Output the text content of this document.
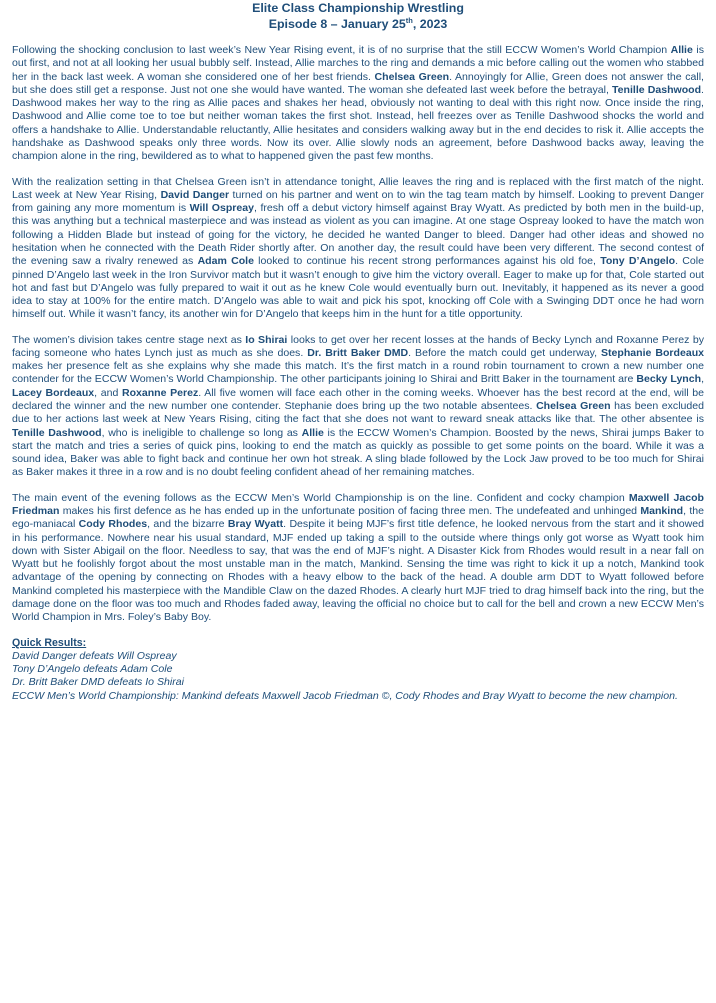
Elite Class Championship Wrestling
Episode 8 – January 25th, 2023

Following the shocking conclusion to last week’s New Year Rising event, it is of no surprise that the still ECCW Women’s World Champion Allie is out first, and not at all looking her usual bubbly self. Instead, Allie marches to the ring and demands a mic before calling out the women who stabbed her in the back last week. A woman she considered one of her best friends. Chelsea Green. Annoyingly for Allie, Green does not answer the call, but she does still get a response. Just not one she would have wanted. The woman she defeated last week before the betrayal, Tenille Dashwood. Dashwood makes her way to the ring as Allie paces and shakes her head, obviously not wanting to deal with this right now. Once inside the ring, Dashwood and Allie come toe to toe but neither woman takes the first shot. Instead, hell freezes over as Tenille Dashwood shocks the world and offers a handshake to Allie. Understandable reluctantly, Allie hesitates and considers walking away but in the end decides to risk it. Allie accepts the handshake as Dashwood speaks only three words. Now its over. Allie slowly nods an agreement, before Dashwood backs away, leaving the champion alone in the ring, bewildered as to what to happened given the past few months.

With the realization setting in that Chelsea Green isn’t in attendance tonight, Allie leaves the ring and is replaced with the first match of the night. Last week at New Year Rising, David Danger turned on his partner and went on to win the tag team match by himself. Looking to prevent Danger from gaining any more momentum is Will Ospreay, fresh off a debut victory himself against Bray Wyatt. As predicted by both men in the build-up, this was anything but a technical masterpiece and was instead as violent as you can imagine. At one stage Ospreay looked to have the match won following a Hidden Blade but instead of going for the victory, he decided he wanted Danger to bleed. Danger had other ideas and showed no hesitation when he connected with the Death Rider shortly after. On another day, the result could have been very different. The second contest of the evening saw a rivalry renewed as Adam Cole looked to continue his recent strong performances against his old foe, Tony D’Angelo. Cole pinned D’Angelo last week in the Iron Survivor match but it wasn’t enough to give him the victory overall. Eager to make up for that, Cole started out hot and fast but D’Angelo was fully prepared to wait it out as he knew Cole would eventually burn out. Inevitably, it happened as its never a good idea to stay at 100% for the entire match. D’Angelo was able to wait and pick his spot, knocking off Cole with a Swinging DDT once he had worn himself out. While it wasn’t fancy, its another win for D’Angelo that keeps him in the hunt for a title opportunity.

The women’s division takes centre stage next as Io Shirai looks to get over her recent losses at the hands of Becky Lynch and Roxanne Perez by facing someone who hates Lynch just as much as she does. Dr. Britt Baker DMD. Before the match could get underway, Stephanie Bordeaux makes her presence felt as she explains why she made this match. It’s the first match in a round robin tournament to crown a new number one contender for the ECCW Women’s World Championship. The other participants joining Io Shirai and Britt Baker in the tournament are Becky Lynch, Lacey Bordeaux, and Roxanne Perez. All five women will face each other in the coming weeks. Whoever has the best record at the end, will be declared the winner and the new number one contender. Stephanie does bring up the two notable absentees. Chelsea Green has been excluded due to her actions last week at New Years Rising, citing the fact that she does not want to reward sneak attacks like that. The other absentee is Tenille Dashwood, who is ineligible to challenge so long as Allie is the ECCW Women’s Champion. Boosted by the news, Shirai jumps Baker to start the match and tries a series of quick pins, looking to end the match as quickly as possible to get some points on the board. While it was a sound idea, Baker was able to fight back and continue her own hot streak. A sling blade followed by the Lock Jaw proved to be too much for Shirai as Baker makes it three in a row and is no doubt feeling confident ahead of her remaining matches.

The main event of the evening follows as the ECCW Men’s World Championship is on the line. Confident and cocky champion Maxwell Jacob Friedman makes his first defence as he has ended up in the unfortunate position of facing three men. The undefeated and unhinged Mankind, the ego-maniacal Cody Rhodes, and the bizarre Bray Wyatt. Despite it being MJF’s first title defence, he looked nervous from the start and it showed in his performance. Nowhere near his usual standard, MJF ended up taking a spill to the outside where things only got worse as Wyatt took him down with Sister Abigail on the floor. Needless to say, that was the end of MJF’s night. A Disaster Kick from Rhodes would result in a near fall on Wyatt but he foolishly forgot about the most unstable man in the match, Mankind. Sensing the time was right to kick it up a notch, Mankind took advantage of the opening by connecting on Rhodes with a heavy elbow to the back of the head. A double arm DDT to Wyatt followed before Mankind completed his masterpiece with the Mandible Claw on the dazed Rhodes. A clearly hurt MJF tried to drag himself back into the ring, but the damage done on the floor was too much and Rhodes faded away, leaving the official no choice but to call for the bell and crown a new ECCW Men’s World Champion in Mrs. Foley’s Baby Boy.

Quick Results:
David Danger defeats Will Ospreay
Tony D’Angelo defeats Adam Cole
Dr. Britt Baker DMD defeats Io Shirai
ECCW Men’s World Championship: Mankind defeats Maxwell Jacob Friedman ©, Cody Rhodes and Bray Wyatt to become the new champion.
